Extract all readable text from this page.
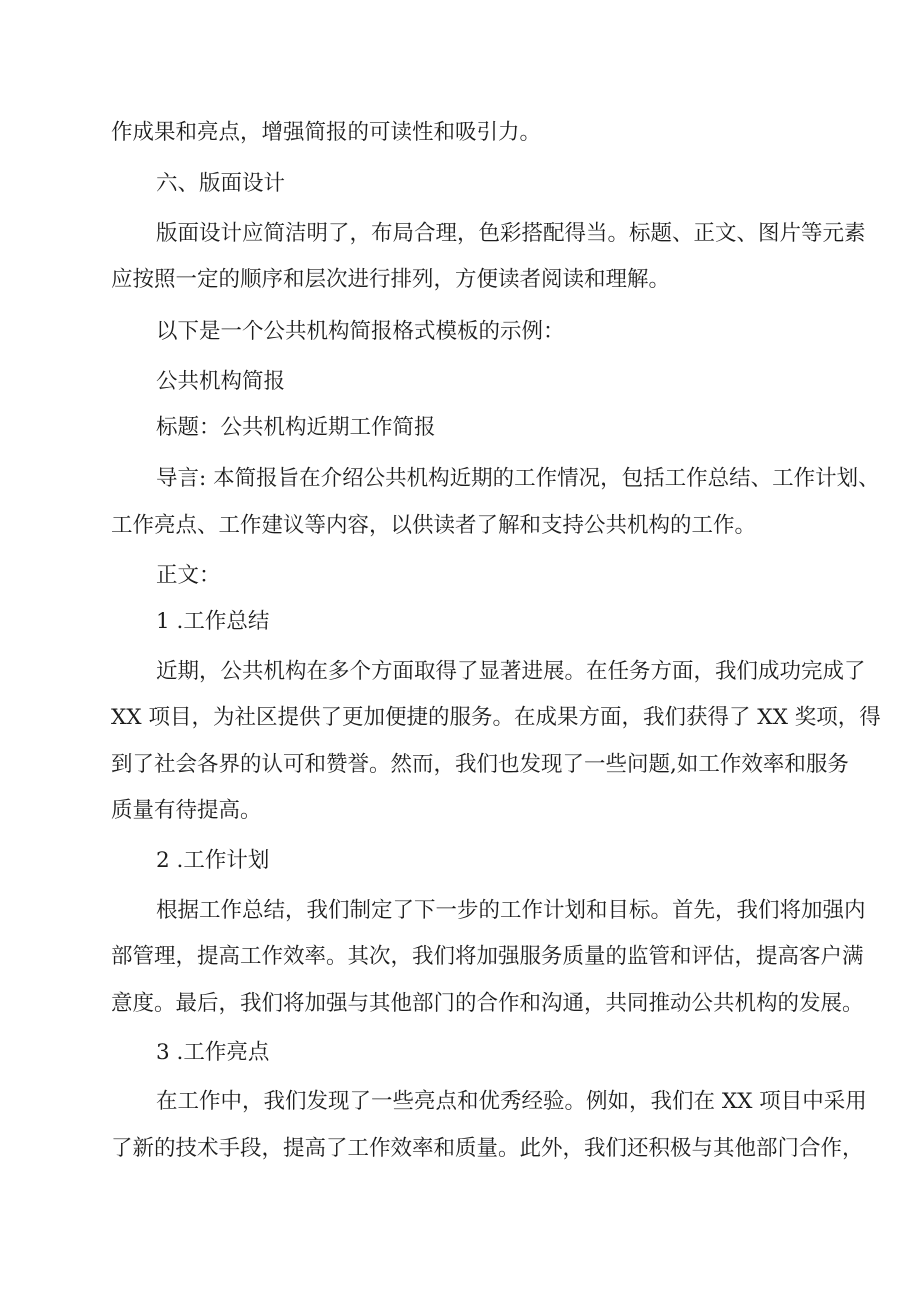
作成果和亮点，增强简报的可读性和吸引力。
六、版面设计
版面设计应简洁明了，布局合理，色彩搭配得当。标题、正文、图片等元素
应按照一定的顺序和层次进行排列，方便读者阅读和理解。
以下是一个公共机构简报格式模板的示例：
公共机构简报
标题：公共机构近期工作简报
导言: 本简报旨在介绍公共机构近期的工作情况，包括工作总结、工作计划、
工作亮点、工作建议等内容，以供读者了解和支持公共机构的工作。
正文：
1 .工作总结
近期，公共机构在多个方面取得了显著进展。在任务方面，我们成功完成了
XX 项目，为社区提供了更加便捷的服务。在成果方面，我们获得了 XX 奖项，得
到了社会各界的认可和赞誉。然而，我们也发现了一些问题,如工作效率和服务
质量有待提高。
2 .工作计划
根据工作总结，我们制定了下一步的工作计划和目标。首先，我们将加强内
部管理，提高工作效率。其次，我们将加强服务质量的监管和评估，提高客户满
意度。最后，我们将加强与其他部门的合作和沟通，共同推动公共机构的发展。
3 .工作亮点
在工作中，我们发现了一些亮点和优秀经验。例如，我们在 XX 项目中采用
了新的技术手段，提高了工作效率和质量。此外，我们还积极与其他部门合作，
